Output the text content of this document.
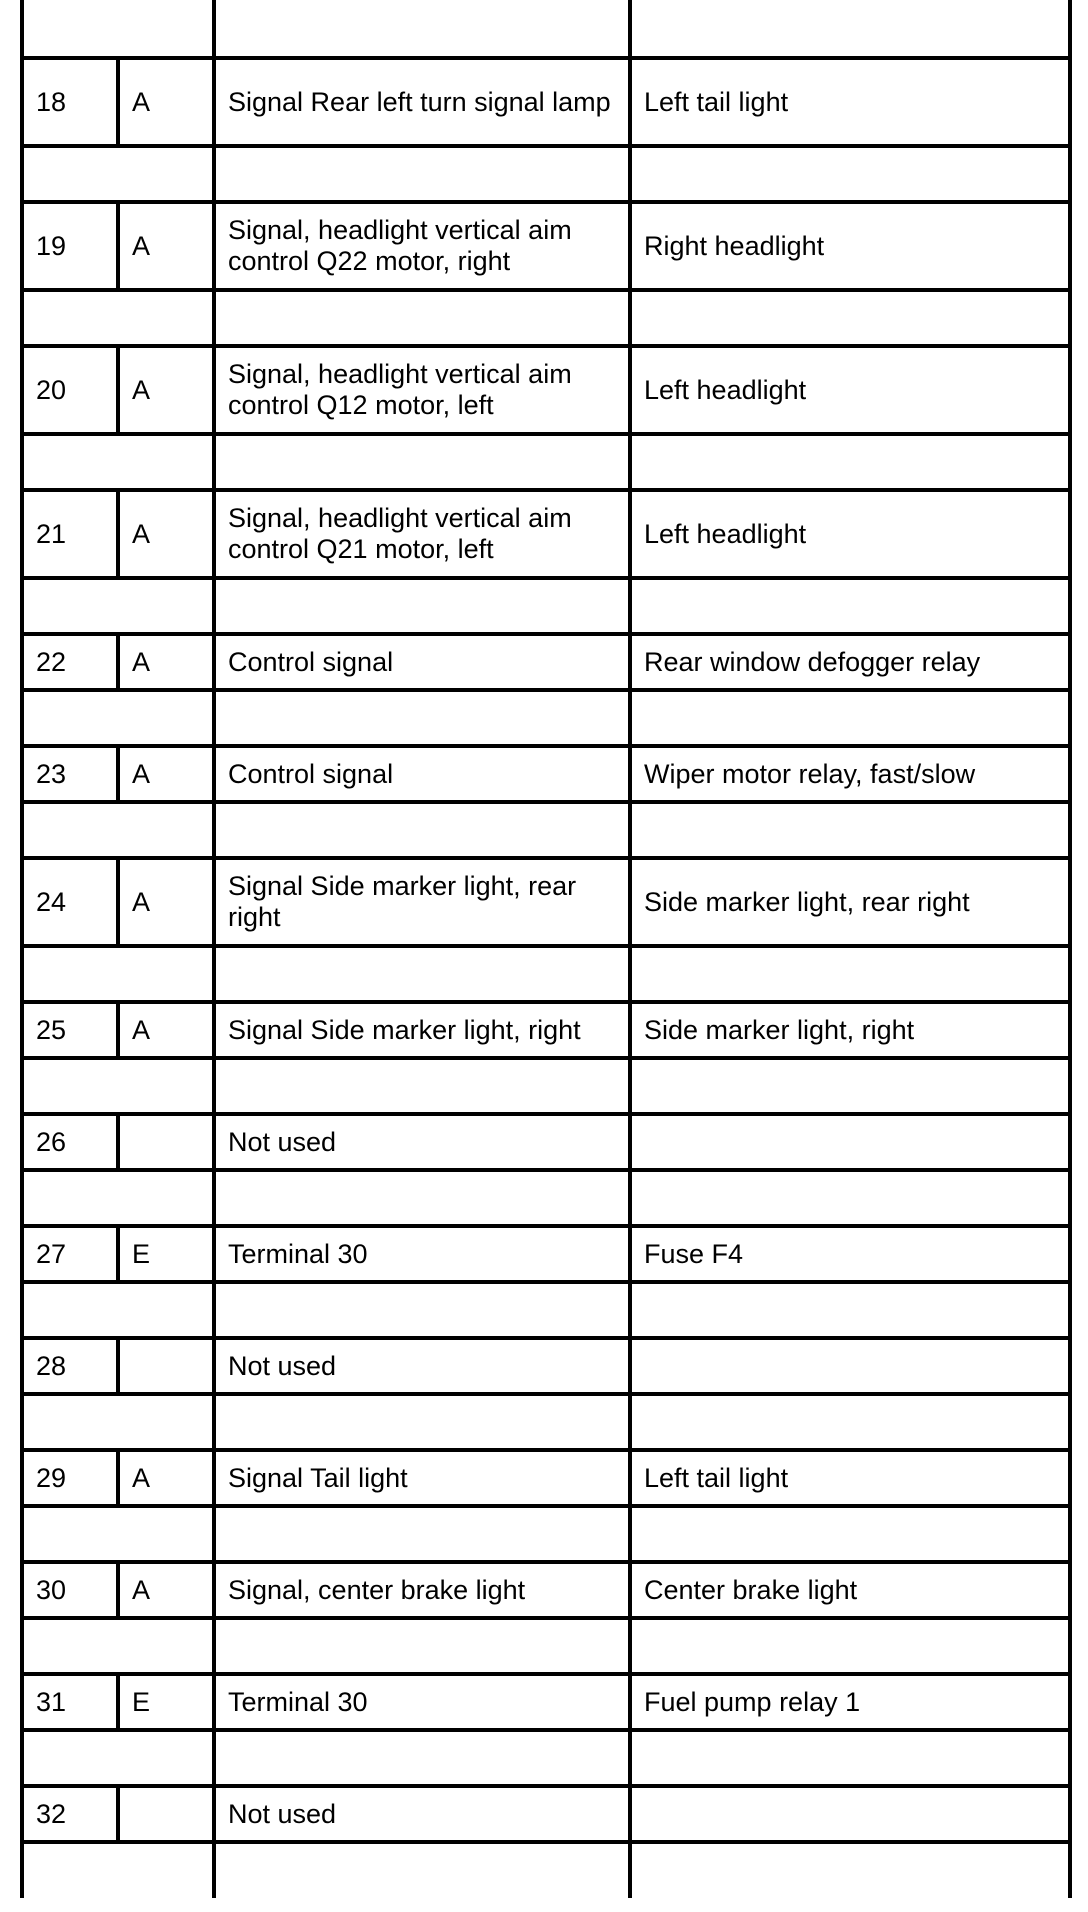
18	A	Signal Rear left turn signal lamp	Left tail light

19	A	Signal, headlight vertical aim control Q22 motor, right	Right headlight

20	A	Signal, headlight vertical aim control Q12 motor, left	Left headlight

21	A	Signal, headlight vertical aim control Q21 motor, left	Left headlight

22	A	Control signal	Rear window defogger relay

23	A	Control signal	Wiper motor relay, fast/slow

24	A	Signal Side marker light, rear right	Side marker light, rear right

25	A	Signal Side marker light, right	Side marker light, right

26		Not used	

27	E	Terminal 30	Fuse F4

28		Not used	

29	A	Signal Tail light	Left tail light

30	A	Signal, center brake light	Center brake light

31	E	Terminal 30	Fuel pump relay 1

32		Not used	
